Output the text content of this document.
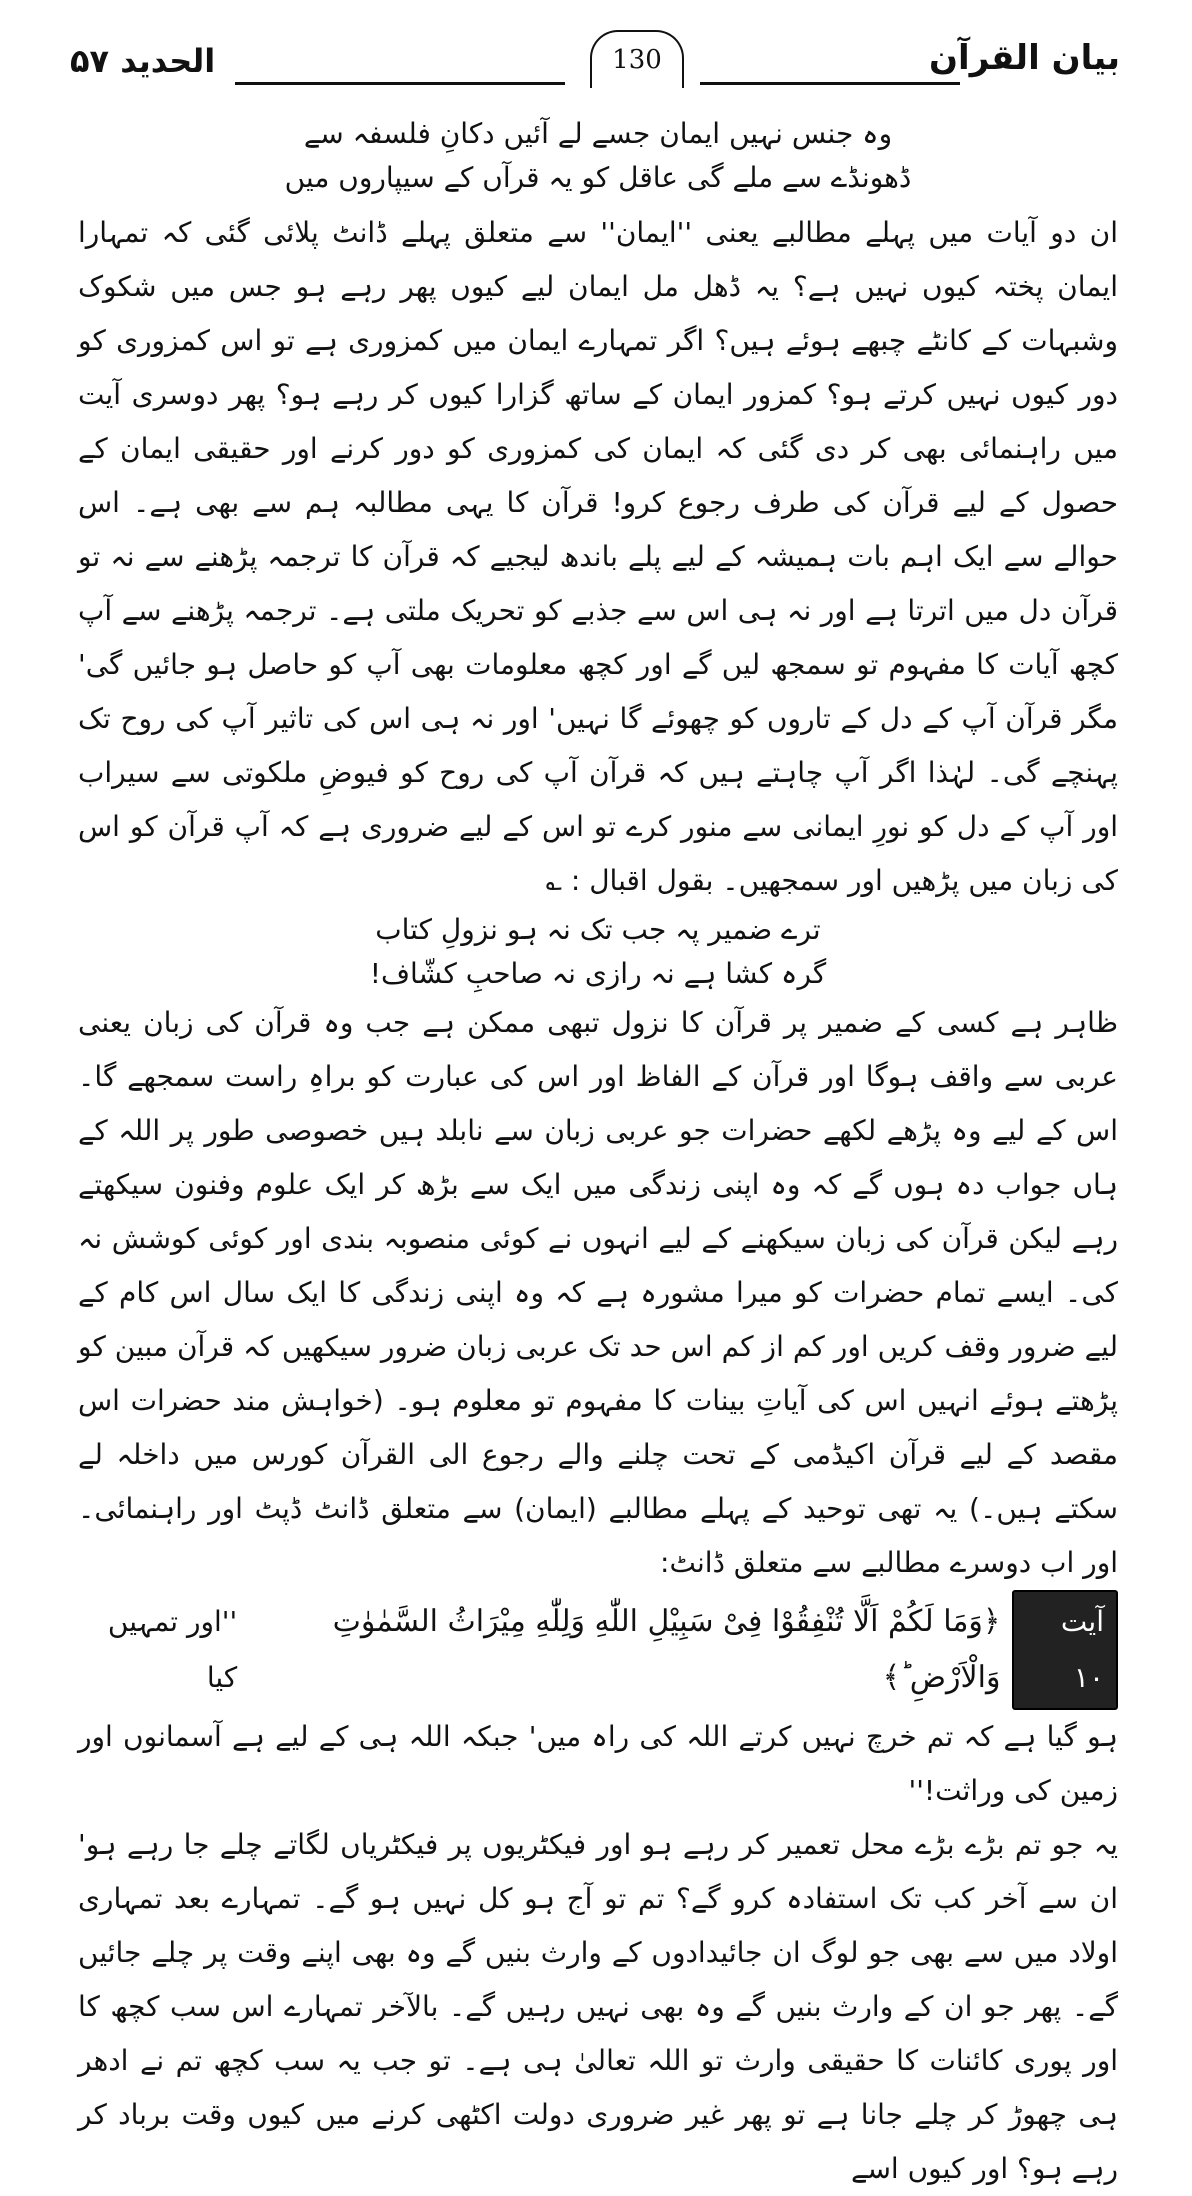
الحدید ۵۷	130	بیان القرآن

وہ جنس نہیں ایمان جسے لے آئیں دکانِ فلسفہ سے

ڈھونڈے سے ملے گی عاقل کو یہ قرآں کے سیپاروں میں

ان دو آیات میں پہلے مطالبے یعنی ''ایمان'' سے متعلق پہلے ڈانٹ پلائی گئی کہ تمہارا ایمان پختہ کیوں نہیں ہے؟ یہ ڈھل مل ایمان لیے کیوں پھر رہے ہو جس میں شکوک وشبہات کے کانٹے چبھے ہوئے ہیں؟ اگر تمہارے ایمان میں کمزوری ہے تو اس کمزوری کو دور کیوں نہیں کرتے ہو؟ کمزور ایمان کے ساتھ گزارا کیوں کر رہے ہو؟ پھر دوسری آیت میں راہنمائی بھی کر دی گئی کہ ایمان کی کمزوری کو دور کرنے اور حقیقی ایمان کے حصول کے لیے قرآن کی طرف رجوع کرو! قرآن کا یہی مطالبہ ہم سے بھی ہے۔ اس حوالے سے ایک اہم بات ہمیشہ کے لیے پلے باندھ لیجیے کہ قرآن کا ترجمہ پڑھنے سے نہ تو قرآن دل میں اترتا ہے اور نہ ہی اس سے جذبے کو تحریک ملتی ہے۔ ترجمہ پڑھنے سے آپ کچھ آیات کا مفہوم تو سمجھ لیں گے اور کچھ معلومات بھی آپ کو حاصل ہو جائیں گی' مگر قرآن آپ کے دل کے تاروں کو چھوئے گا نہیں' اور نہ ہی اس کی تاثیر آپ کی روح تک پہنچے گی۔ لہٰذا اگر آپ چاہتے ہیں کہ قرآن آپ کی روح کو فیوضِ ملکوتی سے سیراب اور آپ کے دل کو نورِ ایمانی سے منور کرے تو اس کے لیے ضروری ہے کہ آپ قرآن کو اس کی زبان میں پڑھیں اور سمجھیں۔ بقول اقبال : ؎

ترے ضمیر پہ جب تک نہ ہو نزولِ کتاب

گرہ کشا ہے نہ رازی نہ صاحبِ کشّاف!

ظاہر ہے کسی کے ضمیر پر قرآن کا نزول تبھی ممکن ہے جب وہ قرآن کی زبان یعنی عربی سے واقف ہوگا اور قرآن کے الفاظ اور اس کی عبارت کو براہِ راست سمجھے گا۔ اس کے لیے وہ پڑھے لکھے حضرات جو عربی زبان سے نابلد ہیں خصوصی طور پر اللہ کے ہاں جواب دہ ہوں گے کہ وہ اپنی زندگی میں ایک سے بڑھ کر ایک علوم وفنون سیکھتے رہے لیکن قرآن کی زبان سیکھنے کے لیے انہوں نے کوئی منصوبہ بندی اور کوئی کوشش نہ کی۔ ایسے تمام حضرات کو میرا مشورہ ہے کہ وہ اپنی زندگی کا ایک سال اس کام کے لیے ضرور وقف کریں اور کم از کم اس حد تک عربی زبان ضرور سیکھیں کہ قرآن مبین کو پڑھتے ہوئے انہیں اس کی آیاتِ بینات کا مفہوم تو معلوم ہو۔ (خواہش مند حضرات اس مقصد کے لیے قرآن اکیڈمی کے تحت چلنے والے رجوع الی القرآن کورس میں داخلہ لے سکتے ہیں۔) یہ تھی توحید کے پہلے مطالبے (ایمان) سے متعلق ڈانٹ ڈپٹ اور راہنمائی۔ اور اب دوسرے مطالبے سے متعلق ڈانٹ:

آیت ۱۰
﴿وَمَا لَكُمْ اَلَّا تُنْفِقُوْا فِیْ سَبِیْلِ اللّٰهِ وَلِلّٰهِ مِیْرَاثُ السَّمٰوٰتِ وَالْاَرْضِ ؕ﴾
''اور تمہیں کیا

ہو گیا ہے کہ تم خرچ نہیں کرتے اللہ کی راہ میں' جبکہ اللہ ہی کے لیے ہے آسمانوں اور زمین کی وراثت!''

یہ جو تم بڑے بڑے محل تعمیر کر رہے ہو اور فیکٹریوں پر فیکٹریاں لگاتے چلے جا رہے ہو' ان سے آخر کب تک استفادہ کرو گے؟ تم تو آج ہو کل نہیں ہو گے۔ تمہارے بعد تمہاری اولاد میں سے بھی جو لوگ ان جائیدادوں کے وارث بنیں گے وہ بھی اپنے وقت پر چلے جائیں گے۔ پھر جو ان کے وارث بنیں گے وہ بھی نہیں رہیں گے۔ بالآخر تمہارے اس سب کچھ کا اور پوری کائنات کا حقیقی وارث تو اللہ تعالیٰ ہی ہے۔ تو جب یہ سب کچھ تم نے ادھر ہی چھوڑ کر چلے جانا ہے تو پھر غیر ضروری دولت اکٹھی کرنے میں کیوں وقت برباد کر رہے ہو؟ اور کیوں اسے
